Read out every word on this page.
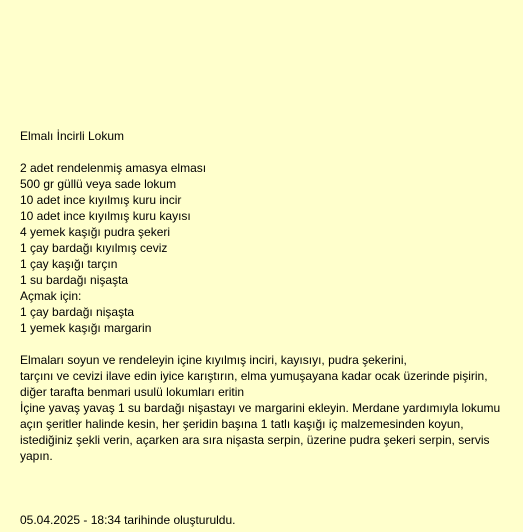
Elmalı İncirli Lokum
2 adet rendelenmiş amasya elması
500 gr güllü veya sade lokum
10 adet ince kıyılmış kuru incir
10 adet ince kıyılmış kuru kayısı
4 yemek kaşığı pudra şekeri
1 çay bardağı kıyılmış ceviz
1 çay kaşığı tarçın
1 su bardağı nişaşta
Açmak için:
1 çay bardağı nişaşta
1 yemek kaşığı margarin
Elmaları soyun ve rendeleyin içine kıyılmış inciri, kayısıyı, pudra şekerini,
tarçını ve cevizi ilave edin iyice karıştırın, elma yumuşayana kadar ocak üzerinde pişirin, diğer tarafta benmari usulü lokumları eritin
İçine yavaş yavaş 1 su bardağı nişastayı ve margarini ekleyin. Merdane yardımıyla lokumu açın şeritler halinde kesin, her şeridin başına 1 tatlı kaşığı iç malzemesinden koyun, istediğiniz şekli verin, açarken ara sıra nişasta serpin, üzerine pudra şekeri serpin, servis yapın.
05.04.2025 - 18:34 tarihinde oluşturuldu.
